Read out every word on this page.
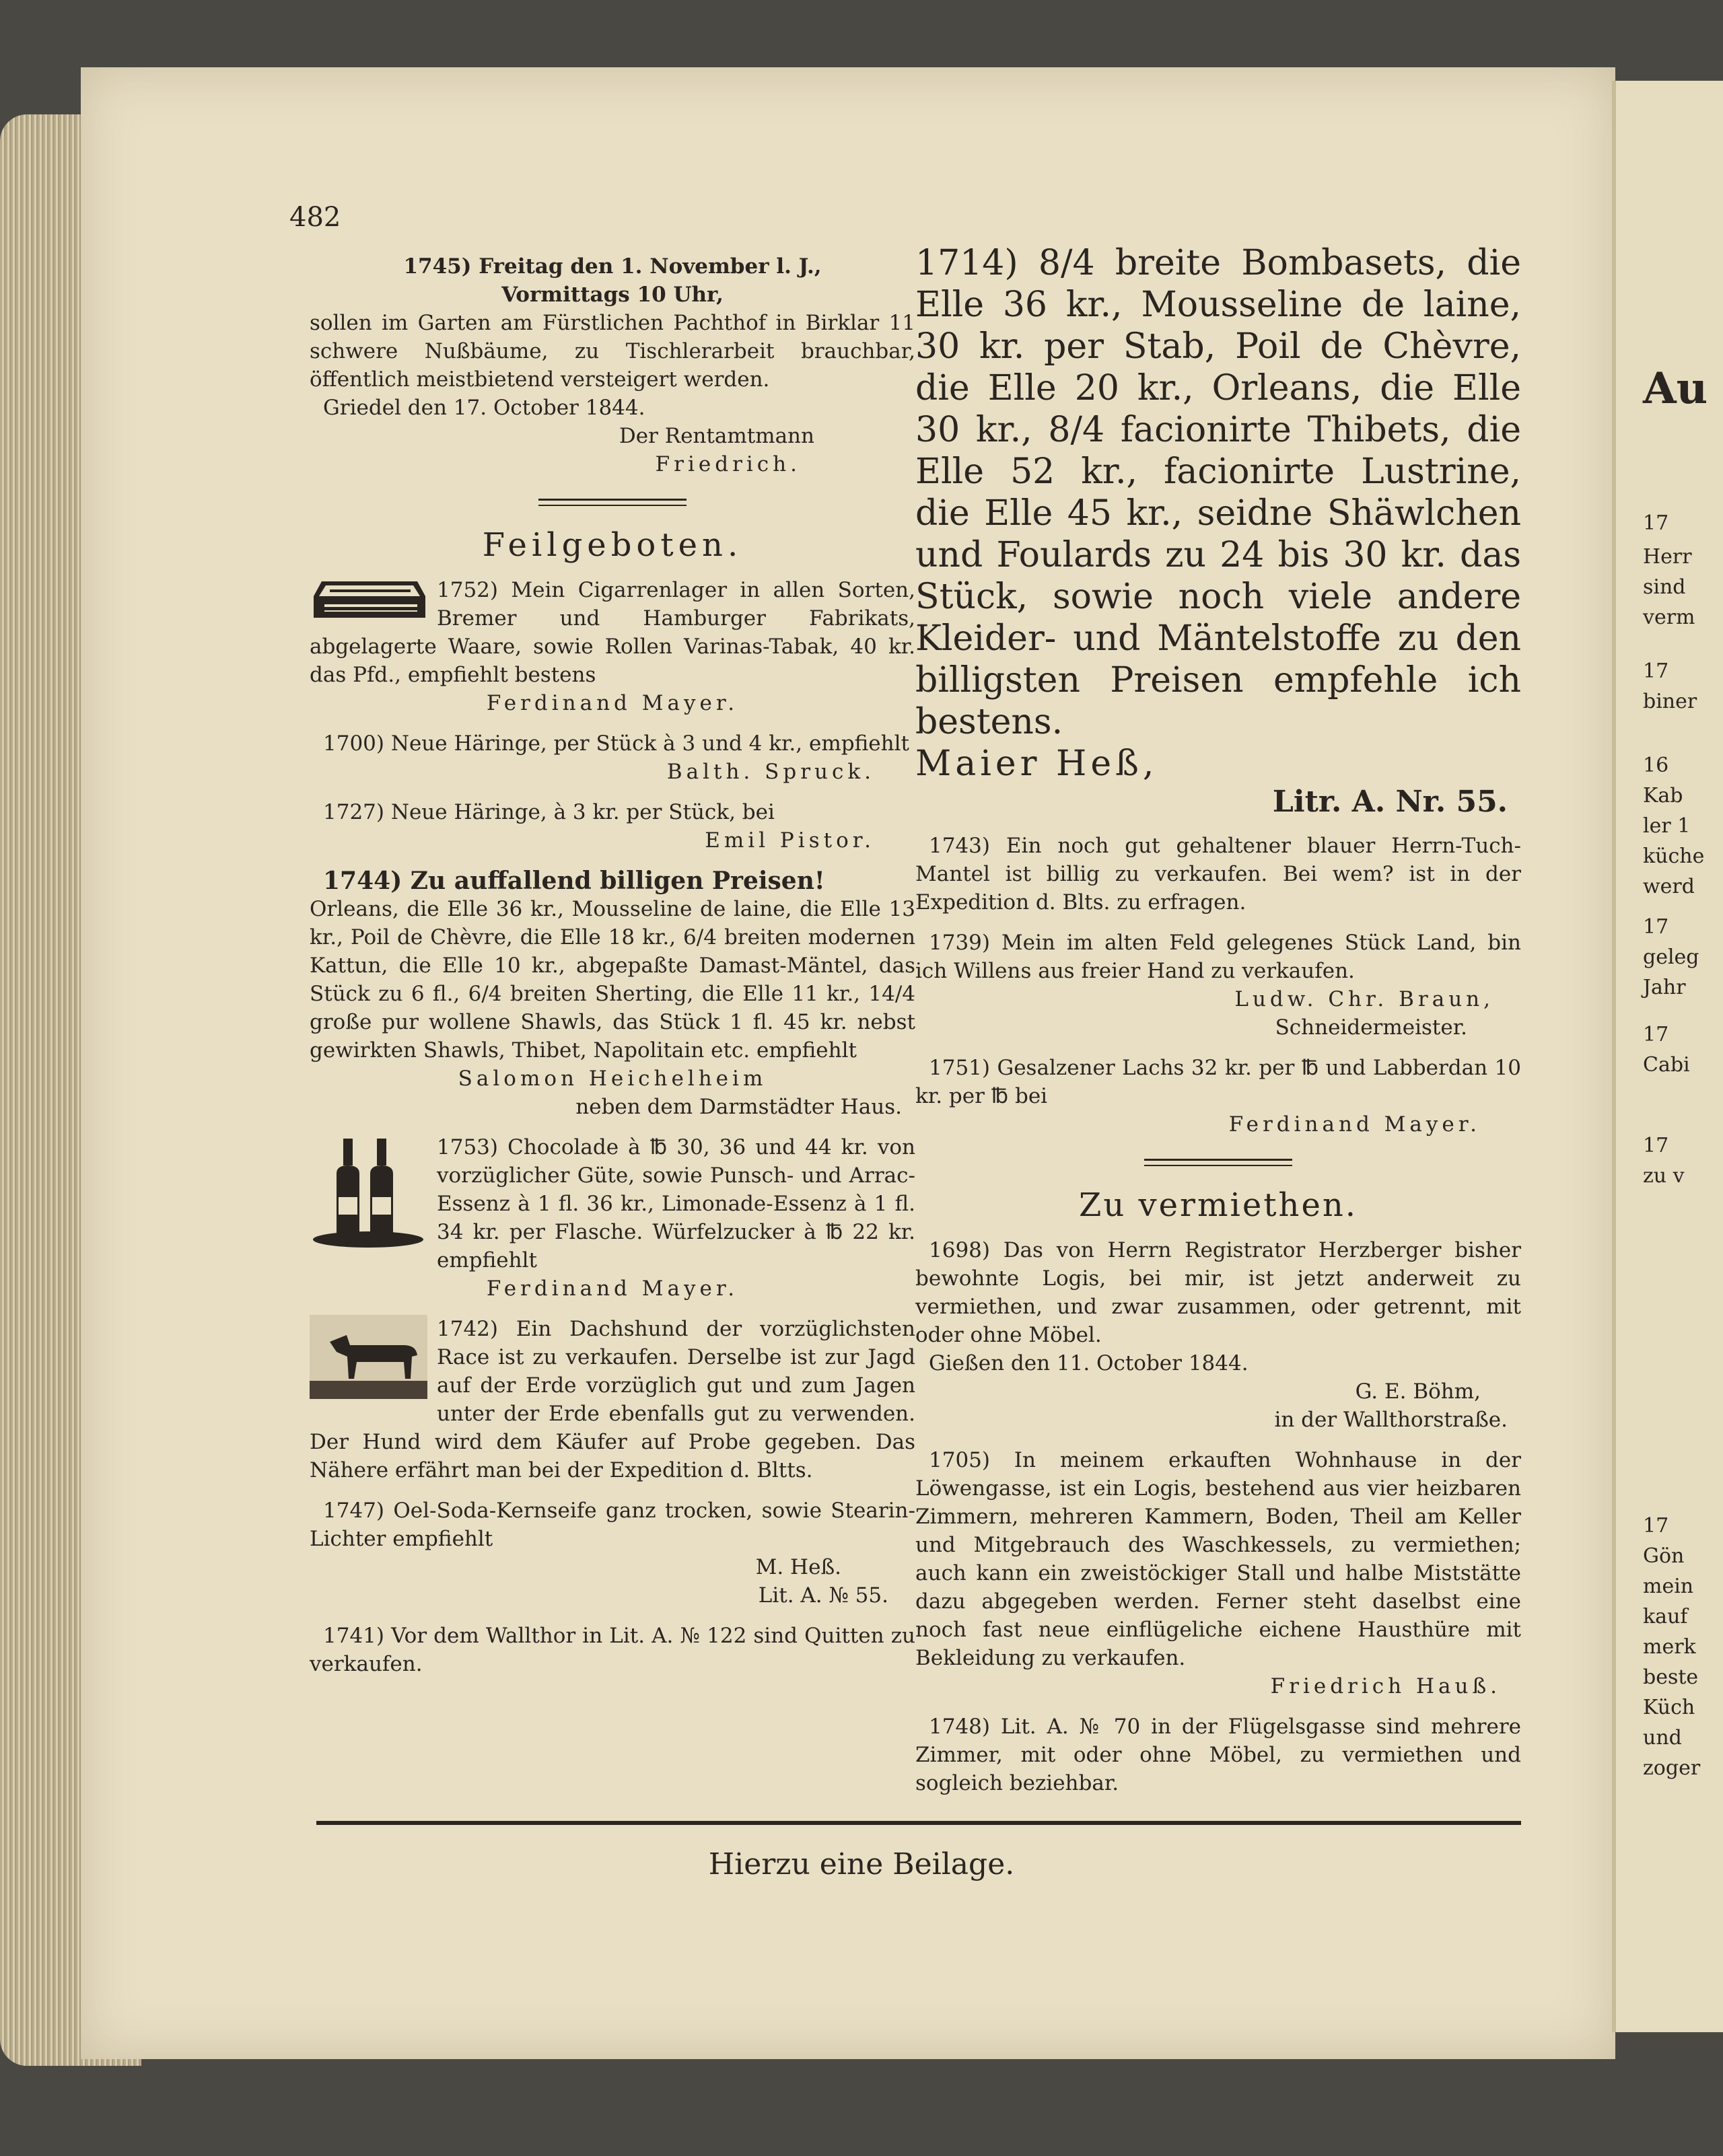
Au
17
Herr
sind
verm
17
biner
16
Kab
ler 1
küche
werd
17
geleg
Jahr
17
Cabi
17
zu v
17
Gön
mein
kauf
merk
beste
Küch
und
zoger
482

1745) Freitag den 1. November l. J.,

Vormittags 10 Uhr,

sollen im Garten am Fürstlichen Pachthof in Birklar 11 schwere Nußbäume, zu Tischlerarbeit brauchbar, öffentlich meistbietend versteigert werden.

Griedel den 17. October 1844.

Der Rentamtmann

Friedrich.

Feilgeboten.

1752) Mein Cigarrenlager in allen Sorten, Bremer und Hamburger Fabrikats, abgelagerte Waare, sowie Rollen Varinas-Tabak, 40 kr. das Pfd., empfiehlt bestens

Ferdinand Mayer.

1700) Neue Häringe, per Stück à 3 und 4 kr., empfiehlt

Balth. Spruck.

1727) Neue Häringe, à 3 kr. per Stück, bei

Emil Pistor.

1744) Zu auffallend billigen Preisen!

Orleans, die Elle 36 kr., Mousseline de laine, die Elle 13 kr., Poil de Chèvre, die Elle 18 kr., 6/4 breiten modernen Kattun, die Elle 10 kr., abgepaßte Damast-Mäntel, das Stück zu 6 fl., 6/4 breiten Sherting, die Elle 11 kr., 14/4 große pur wollene Shawls, das Stück 1 fl. 45 kr. nebst gewirkten Shawls, Thibet, Napolitain etc. empfiehlt

Salomon Heichelheim

neben dem Darmstädter Haus.

1753) Chocolade à ℔ 30, 36 und 44 kr. von vorzüglicher Güte, sowie Punsch- und Arrac-Essenz à 1 fl. 36 kr., Limonade-Essenz à 1 fl. 34 kr. per Flasche. Würfelzucker à ℔ 22 kr. empfiehlt

Ferdinand Mayer.

1742) Ein Dachshund der vorzüglichsten Race ist zu verkaufen. Derselbe ist zur Jagd auf der Erde vorzüglich gut und zum Jagen unter der Erde ebenfalls gut zu verwenden. Der Hund wird dem Käufer auf Probe gegeben. Das Nähere erfährt man bei der Expedition d. Bltts.

1747) Oel-Soda-Kernseife ganz trocken, sowie Stearin-Lichter empfiehlt

M. Heß.

Lit. A. № 55.

1741) Vor dem Wallthor in Lit. A. № 122 sind Quitten zu verkaufen.

1714) 8/4 breite Bombasets, die Elle 36 kr., Mousseline de laine, 30 kr. per Stab, Poil de Chèvre, die Elle 20 kr., Orleans, die Elle 30 kr., 8/4 facionirte Thibets, die Elle 52 kr., facionirte Lustrine, die Elle 45 kr., seidne Shäwlchen und Foulards zu 24 bis 30 kr. das Stück, sowie noch viele andere Kleider- und Mäntelstoffe zu den billigsten Preisen empfehle ich bestens.

Maier Heß,

Litr. A. Nr. 55.

1743) Ein noch gut gehaltener blauer Herrn-Tuch-Mantel ist billig zu verkaufen. Bei wem? ist in der Expedition d. Blts. zu erfragen.

1739) Mein im alten Feld gelegenes Stück Land, bin ich Willens aus freier Hand zu verkaufen.

Ludw. Chr. Braun,

Schneidermeister.

1751) Gesalzener Lachs 32 kr. per ℔ und Labberdan 10 kr. per ℔ bei

Ferdinand Mayer.

Zu vermiethen.

1698) Das von Herrn Registrator Herzberger bisher bewohnte Logis, bei mir, ist jetzt anderweit zu vermiethen, und zwar zusammen, oder getrennt, mit oder ohne Möbel.

Gießen den 11. October 1844.

G. E. Böhm,

in der Wallthorstraße.

1705) In meinem erkauften Wohnhause in der Löwengasse, ist ein Logis, bestehend aus vier heizbaren Zimmern, mehreren Kammern, Boden, Theil am Keller und Mitgebrauch des Waschkessels, zu vermiethen; auch kann ein zweistöckiger Stall und halbe Miststätte dazu abgegeben werden. Ferner steht daselbst eine noch fast neue einflügeliche eichene Hausthüre mit Bekleidung zu verkaufen.

Friedrich Hauß.

1748) Lit. A. № 70 in der Flügelsgasse sind mehrere Zimmer, mit oder ohne Möbel, zu vermiethen und sogleich beziehbar.

Hierzu eine Beilage.
